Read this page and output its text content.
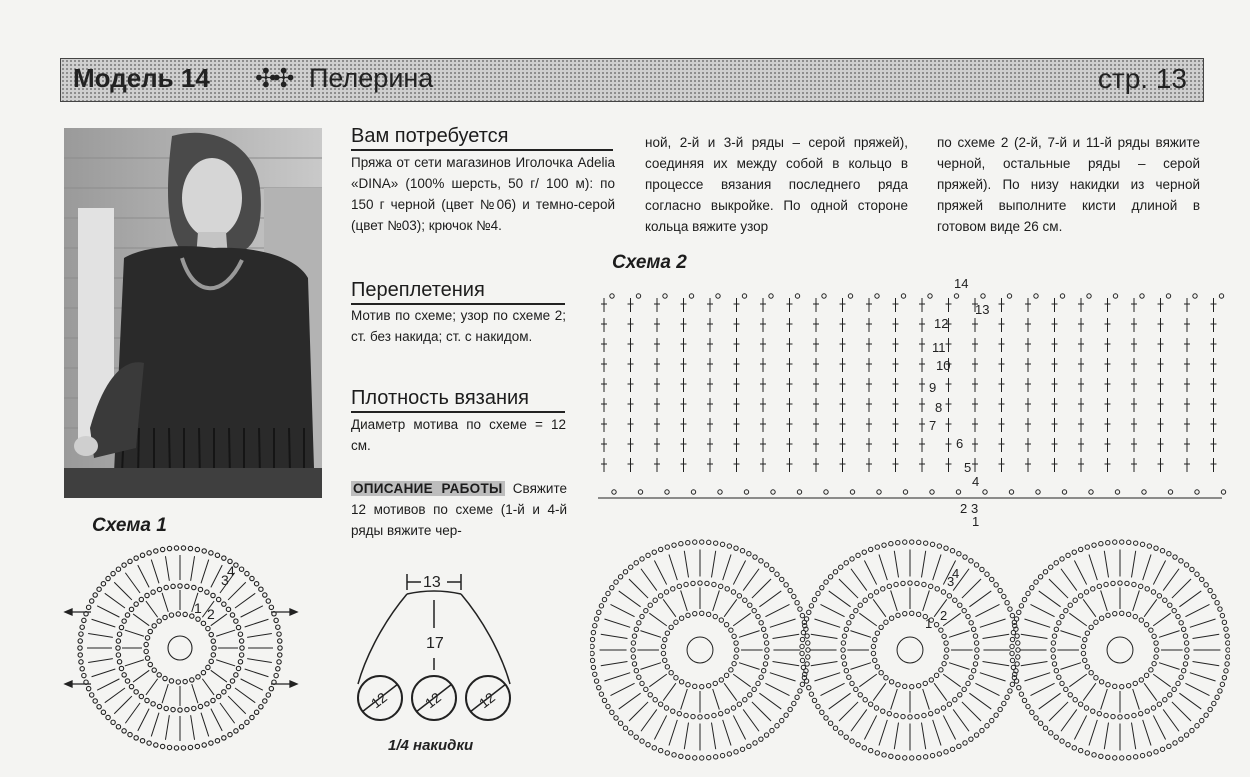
Модель 14 ✣✣ Пелерина	стр. 13
Вам потребуется

Пряжа от сети магазинов Иголочка Adelia «DINA» (100% шерсть, 50 г/ 100 м): по 150 г черной (цвет №06) и темно-серой (цвет №03); крючок №4.

Переплетения

Мотив по схеме; узор по схеме 2; ст. без накида; ст. с накидом.

Плотность вязания

Диаметр мотива по схеме = 12 см.

ОПИСАНИЕ РАБОТЫ Свяжите 12 мотивов по схеме (1-й и 4-й ряды вяжите чер-

ной, 2-й и 3-й ряды – серой пряжей), соединяя их между собой в кольцо в процессе вязания последнего ряда согласно выкройке. По одной стороне кольца вяжите узор

по схеме 2 (2-й, 7-й и 11-й ряды вяжите черной, остальные ряды – серой пряжей). По низу накидки из черной пряжей выполните кисти длиной в готовом виде 26 см.

Схема 1
1 2
3
4
13
17
12 12 12
1/4 накидки
Схема 2
14
13
12
11
10
9
8
7
6
5
4
3
2
1
1
2
3
4
